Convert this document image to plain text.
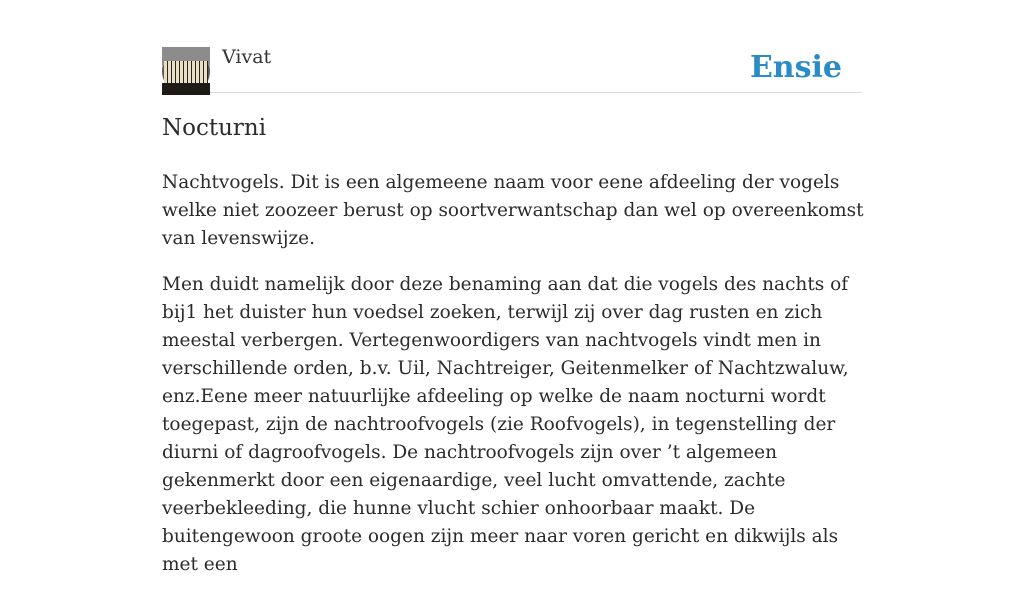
Vivat	Ensie
Nocturni

Nachtvogels. Dit is een algemeene naam voor eene afdeeling der vogels welke niet zoozeer berust op soortverwantschap dan wel op overeenkomst van levenswijze.

Men duidt namelijk door deze benaming aan dat die vogels des nachts of bij1 het duister hun voedsel zoeken, terwijl zij over dag rusten en zich meestal verbergen. Vertegenwoordigers van nachtvogels vindt men in verschillende orden, b.v. Uil, Nachtreiger, Geitenmelker of Nachtzwaluw, enz.Eene meer natuurlijke afdeeling op welke de naam nocturni wordt toegepast, zijn de nachtroofvogels (zie Roofvogels), in tegenstelling der diurni of dagroofvogels. De nachtroofvogels zijn over ’t algemeen gekenmerkt door een eigenaardige, veel lucht omvattende, zachte veerbekleeding, die hunne vlucht schier onhoorbaar maakt. De buitengewoon groote oogen zijn meer naar voren gericht en dikwijls als met een
